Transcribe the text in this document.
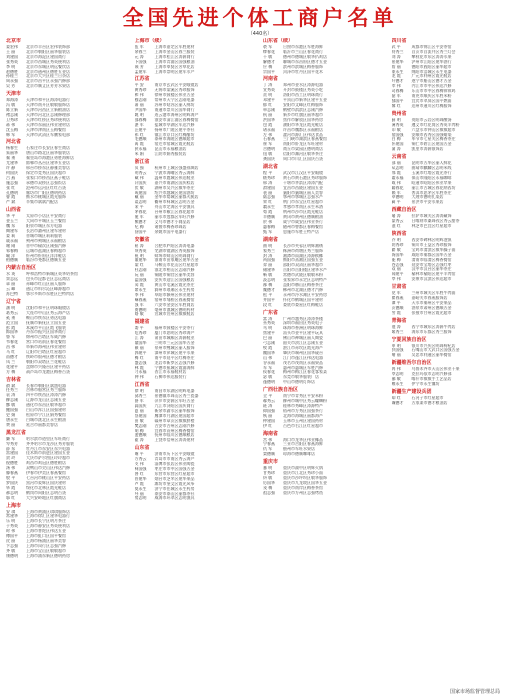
全国先进个体工商户名单
（440名）
北京市
姜宏伟 北京市丰台区宏伟装饰部
王 丽	北京市朝阳区丽华服装店
刘建国 北京市海淀区建国商行
张秀英 北京市西城区秀英便利店
李 明	北京市东城区明远餐饮店
赵德胜 北京市通州区德胜五金店
孙桂兰 北京市大兴区桂兰日杂店
周永强 北京市昌平区永强汽修部
吴 芳	北京市顺义区芳芳水果店
天津市
郑海涛 天津市和平区海涛电器行
冯 敏	天津市南开区敏敏服饰店
陈立新 天津市河西区立新粮油店
褚志刚 天津市河北区志刚修理部
卫秀珍 天津市红桥区秀珍便利店
蒋 伟	天津市东丽区伟业建材店
沈玉梅 天津市津南区玉梅餐馆
韩 军	天津市武清区军鹏家电部
河北省
杨春生 石家庄市长安区春生商店
朱丽华 唐山市路北区丽华服装店
秦 勇	秦皇岛市海港区勇胜海鲜店
尤建华 邯郸市丛台区建华五金店
许 静	邢台市桥东区静雅美容店
何国庆 保定市竞秀区国庆超市
吕 燕	张家口市桥西区燕子鞋店
施志强 承德市双桥区志强饭店
张 红	沧州市运河区红红百货
孔德明 廊坊市广阳区德明药店
曹 霞	衡水市桃城区霞光服饰
严 斌	辛集市斌斌汽配店
山西省
华 平	太原市小店区平安商行
金玉兰 大同市平城区玉兰餐馆
魏 东	阳泉市城区东方电器
陶建军 长治市潞州区建军建材
姜 莉	晋城市城区莉莉服装
戚永福 朔州市朔城区永福粮店
谢 刚	晋中市榆次区刚强汽修
邹春梅 运城市盐湖区春梅超市
喻 洋	忻州市忻府区洋洋鞋店
柏德顺 临汾市尧都区德顺五金
内蒙古自治区
水 英	呼和浩特市新城区英华奶茶馆
窦志远 包头市昆都仑区志远商店
章 丽	赤峰市红山区丽人服饰
云 峰	通辽市科尔沁区峰源超市
苏巴特 鄂尔多斯市东胜区巴特肉店
辽宁省
潘 明	沈阳市和平区明珠眼镜店
葛秀云 大连市中山区秀云海产店
奚 勇	鞍山市铁东区勇达电器
范立国 抚顺市新抚区立国五金
彭 霞	本溪市平山区霞飞服装
郎国华 丹东市振兴区国华商行
鲁 军	锦州市古塔区军威汽修
韦春花 营口市站前区春花餐馆
昌 伟	阜新市海州区伟业建材
马 红	辽阳市白塔区红星超市
苗德才 铁岭市银州区德才粮店
凤 兰	朝阳市双塔区兰花鞋店
花建平 盘锦市兴隆台区建平药店
方 梅	葫芦岛市龙港区梅香百货
吉林省
俞 斌	长春市朝阳区斌盛电器
任秀兰 吉林市船营区秀兰服饰
袁 涛	四平市铁西区涛涛汽修
柳志刚 辽源市龙山区志刚五金
酆 敏	通化市东昌区敏华超市
鲍国强 白山市浑江区国强建材
史 娟	松原市宁江区娟秀餐馆
唐永生 白城市洮北区永生粮油
费 丽	延吉市丽都美容店
黑龙江省
廉 军	哈尔滨市道里区军旺商行
岑秀芳 齐齐哈尔市龙沙区秀芳服装
薛 东	牡丹江市东安区东兴电器
雷建国 佳木斯市前进区建国五金
贺 玲	大庆市萨尔图区玲玲超市
倪德胜 鸡西市鸡冠区德胜粮店
汤 伟	双鸭山市尖山区伟达汽修
滕春燕 伊春市伊美区春燕餐馆
殷 平	七台河市桃山区平安药店
罗国庆 黑河市爱辉区国庆建材
毕 霞	绥化市北林区霞光鞋店
郝志明 鹤岗市向阳区志明百货
邬 红	大兴安岭地区红旗商店
上海市
安 琪	上海市黄浦区琪琪服饰店
常建华 上海市徐汇区建华电器行
乐 明	上海市长宁区明月茶庄
于秀英 上海市静安区秀英便利店
时 伟	上海市普陀区伟达五金
傅国平 上海市虹口区国平餐馆
皮 丽	上海市杨浦区丽华美容
卞志强 上海市闵行区志强汽修
齐 敏	上海市宝山区敏敏超市
康德明 上海市浦东新区德明药房
上海市（续）
伍 军	上海市嘉定区军胜建材
余春兰 上海市金山区春兰服装
元 涛	上海市松江区涛源商行
卜国强 上海市青浦区国强粮油
顾 芳	上海市奉贤区芳草花店
孟建军 上海市崇明区建军水产
江苏省
平 安	南京市玄武区平安眼镜店
黄秀珍 无锡市梁溪区秀珍服饰
和 伟	徐州市鼓楼区伟业五金
穆志刚 常州市天宁区志刚电器
萧 丽	苏州市姑苏区丽人绣坊
尹国华 南通市崇川区国华商行
姚 明	连云港市海州区明辉海产
邵春梅 淮安市清江浦区春梅餐馆
湛 军	盐城市亭湖区军达汽修
汪建平 扬州市广陵区建平茶社
祁 红	镇江市京口区红梅醋坊
毛德顺 泰州市海陵区德顺超市
禹 霞	宿迁市宿城区霞光鞋店
狄永福 昆山市永福粮油店
米 娟	江阴市娟秀服装店
浙江省
贝 强	杭州市上城区强盛丝绸店
明秀云 宁波市海曙区秀云海鲜
臧 伟	温州市鹿城区伟达鞋业
计国庆 嘉兴市南湖区国庆粽店
伏 敏	湖州市吴兴区敏华茶庄
成建国 绍兴市越城区建国酒坊
戴 丽	金华市婺城区丽都火腿店
谈志明 衢州市柯城区志明五金
宋 平	舟山市定海区平安渔具
茅春花 台州市椒江区春花超市
庞 军	丽水市莲都区军旺汽修
熊德才 义乌市德才小商品店
纪 梅	诸暨市梅香珍珠店
舒国平 余姚市国平电器行
安徽省
屈 涛	合肥市庐阳区涛涛电器
项秀英 芜湖市镜湖区秀英服饰
祝 明	蚌埠市蚌山区明珠商行
董建华 淮南市田家庵区建华五金
梁 红	马鞍山市花山区红星超市
杜志刚 淮北市相山区志刚汽修
阮 丽	铜陵市铜官区丽华美容
蓝国强 安庆市迎江区国强粮店
闵 霞	黄山市屯溪区霞光茶庄
席永生 滁州市琅琊区永生药房
季 伟	阜阳市颍州区伟业建材
麻春燕 宿州市埇桥区春燕餐馆
强 军	六安市金安区军胜商店
贾德明 亳州市谯城区德明药材
路 敏	宣城市宣州区敏敏鞋店
福建省
娄 平	福州市鼓楼区平安茶行
危秀珍 厦门市思明区秀珍海产
江 涛	莆田市城厢区涛源鞋业
童国华 三明市三元区国华五金
颜 丽	泉州市鲤城区丽人服饰
郭建平 漳州市芗城区建平水果
梅 红	南平市延平区红梅茶庄
盛志强 龙岩市新罗区志强汽修
林 霞	宁德市蕉城区霞浦海鲜
刁永福 晋江市永福鞋材店
钟 伟	石狮市伟达服装行
江西省
徐 明	南昌市东湖区明辉电器
邱秀兰 景德镇市珠山区秀兰瓷器
骆 军	萍乡市安源区军旺五金
高国庆 九江市浔阳区国庆商行
夏 丽	新余市渝水区丽华服饰
蔡建国 鹰潭市月湖区建国超市
田 敏	赣州市章贡区敏敏脐橙
樊志刚 吉安市吉州区志刚汽修
胡 梅	宜春市袁州区梅香餐馆
凌德顺 抚州市临川区德顺粮店
霍 涛	上饶市信州区涛涛建材
山东省
虞 平	济南市历下区平安眼镜
万秀云 青岛市市南区秀云海产
支 伟	淄博市张店区伟业陶瓷
柯国强 枣庄市市中区国强五金
昝 红	东营市东营区红星超市
管建华 烟台市芝罘区建华果品
卢 霞	潍坊市奎文区霞光风筝
莫永生 济宁市任城区永生药房
经 丽	泰安市泰山区丽都茶社
房志明 威海市环翠区志明渔具
山东省（续）
裘 军	日照市东港区军胜海鲜
缪春花 临沂市兰山区春花商行
干 敏	德州市德城区敏华扒鸡店
解德才 聊城市东昌府区德才五金
应 梅	滨州市滨城区梅香服饰
宗国平 菏泽市牡丹区国平花木
河南省
丁 涛	郑州市金水区涛源电器
宣秀英 开封市鼓楼区秀英小吃
贲 明	洛阳市西工区明珠商行
邓建平 平顶山市新华区建平五金
郁 红	安阳市文峰区红梅服饰
单志刚 鹤壁市淇滨区志刚汽修
杭 丽	新乡市红旗区丽华超市
洪国华 焦作市解放区国华药房
包 霞	濮阳市华龙区霞光鞋店
诸永福 许昌市魏都区永福粮店
左 伟	漯河市源汇区伟达食品
石春燕 三门峡市湖滨区春燕餐馆
崔 军	南阳市卧龙区军旺建材
吉德明 商丘市梁园区德明商店
钮 敏	信阳市浉河区敏华茶庄
龚国庆 周口市川汇区国庆百货
湖北省
程 平	武汉市江汉区平安眼镜
嵇秀珍 黄石市黄石港区秀珍服饰
邢 涛	十堰市茅箭区涛涛汽配
滑建国 宜昌市西陵区建国五金
裴 丽	襄阳市襄城区丽人美容
陆志强 鄂州市鄂城区志强水产
荣 红	荆门市东宝区红星超市
翁永生 孝感市孝南区永生米酒
荀 霞	荆州市沙市区霞光鞋店
羊德顺 黄冈市黄州区德顺粮油
於 伟	咸宁市咸安区伟业茶行
惠春梅 随州市曾都区春梅餐馆
甄 军	恩施市军胜土特产店
湖南省
曲 明	长沙市芙蓉区明辉湘绣
家秀兰 株洲市荷塘区秀兰服饰
封 涛	湘潭市雨湖区涛源槟榔
芮国强 衡阳市蒸湘区国强五金
羿 丽	邵阳市双清区丽华超市
储建华 岳阳市岳阳楼区建华水产
靳 敏	常德市武陵区敏敏米粉
汲志明 张家界市永定区志明特产
邴 梅	益阳市赫山区梅香茶庄
糜德才 郴州市北湖区德才汽修
松 平	永州市冷水滩区平安药房
井国平 怀化市鹤城区国平建材
段 红	娄底市娄星区红梅鞋店
广东省
富 涛	广州市越秀区涛涛茶楼
巫秀英 深圳市福田区秀英电子
乌 明	珠海市香洲区明珠海鲜
焦建平 汕头市金平区建平玩具
巴 丽	佛山市禅城区丽人陶瓷
弓志刚 韶关市浈江区志刚五金
牧 霞	湛江市赤坎区霞光海产
隗国华 肇庆市端州区国华砚台
山 伟	江门市蓬江区伟达电器
谷永福 茂名市茂南区永福果品
车 军	惠州市惠城区军胜汽修
侯春花 梅州市梅江区春花客家菜
宓 敏	东莞市敏华服装厂店
蓬德明 中山市德明灯饰店
广西壮族自治区
全 平	南宁市青秀区平安米粉
郗秀云 柳州市城中区秀云螺蛳粉
班 涛	桂林市秀峰区涛源特产
仰国强 梧州市万秀区国强茶行
秋 丽	北海市海城区丽都海产
仲建国 玉林市玉州区建国药材
伊 红	百色市右江区红星超市
海南省
宫 伟	海口市龙华区伟业椰品
宁春燕 三亚市吉阳区春燕海鲜
仇 军	儋州市军旺水果店
栾德顺 琼海市德顺咖啡店
重庆市
暴 明	重庆市渝中区明辉火锅
甘秀珍 重庆市江北区秀珍小面
钭 敏	重庆市沙坪坝区敏华服饰
厉国华 重庆市九龙坡区国华五金
戎 梅	重庆市南岸区梅香茶馆
祖志强 重庆市万州区志强烤鱼
四川省
武 平	成都市锦江区平安茶馆
符秀兰 自贡市自流井区秀兰灯会
刘 涛	攀枝花市东区涛涛水果
景建华 泸州市江阳区建华酒行
詹 丽	德阳市旌阳区丽华超市
束永生 绵阳市涪城区永生电器
龙 霞	广元市利州区霞光鞋店
叶德才 遂宁市船山区德才五金
幸 伟	内江市市中区伟达汽修
司春梅 乐山市市中区春梅钵钵鸡
韶 军	南充市顺庆区军胜米粉
郜国平 宜宾市翠屏区国平燃面
黎 红	达州市通川区红梅服饰
贵州省
蓟 明	贵阳市云岩区明珠酸汤
薄秀英 遵义市红花岗区秀英羊肉粉
印 敏	六盘水市钟山区敏敏超市
宿国强 安顺市西秀区国强蜡染
白 梅	毕节市七星关区梅香茶庄
怀建国 铜仁市碧江区建国五金
蒲 涛	凯里市涛源银饰店
云南省
邰 丽	昆明市五华区丽人鲜花
从志明 曲靖市麒麟区志明米线
鄂 霞	玉溪市红塔区霞光茶行
索永福 保山市隆阳区永福咖啡
咸 伟	昭通市昭阳区伟业苹果
籍春花 丽江市古城区春花纳西坊
赖 军	普洱市思茅区军胜茶庄
卓德明 大理市德明扎染店
蔺 平	景洪市平安水果店
西藏自治区
屠 涛	拉萨市城关区涛涛藏饰
蒙秀云 日喀则市桑珠孜区秀云甜茶
池 红	林芝市巴宜区红星超市
陕西省
乔 明	西安市碑林区明辉泡馍
阴秀珍 铜川市王益区秀珍服饰
鬱 敏	宝鸡市渭滨区敏华臊子面
胥国华 咸阳市秦都区国华五金
能 梅	渭南市临渭区梅香餐馆
苍志强 延安市宝塔区志强红枣
双 丽	汉中市汉台区丽华茶庄
闻建平 榆林市榆阳区建平羊肉馆
莘 伟	安康市汉滨区伟达超市
甘肃省
党 军	兰州市城关区军胜牛肉面
翟春燕 嘉峪关市春燕服饰店
谭 平	天水市秦州区平安果品
贡德顺 酒泉市肃州区德顺五金
劳 霞	张掖市甘州区霞光超市
青海省
逄 涛	西宁市城东区涛源牛肉店
姬秀兰 海东市乐都区秀兰服饰
宁夏回族自治区
申 明	银川市兴庆区明珠枸杞店
扶国强 石嘴山市大武口区国强五金
堵 丽	吴忠市利通区丽华餐馆
新疆维吾尔自治区
冉 伟	乌鲁木齐市天山区伟业干果
宰志明 克拉玛依市志明汽修部
郦 敏	喀什市敏敏手工艺品店
雍永生 伊宁市永生馕坊
新疆生产建设兵团
却 红	石河子市红星超市
璩德才 五家渠市德才粮油店
国家市场监督管理总局
